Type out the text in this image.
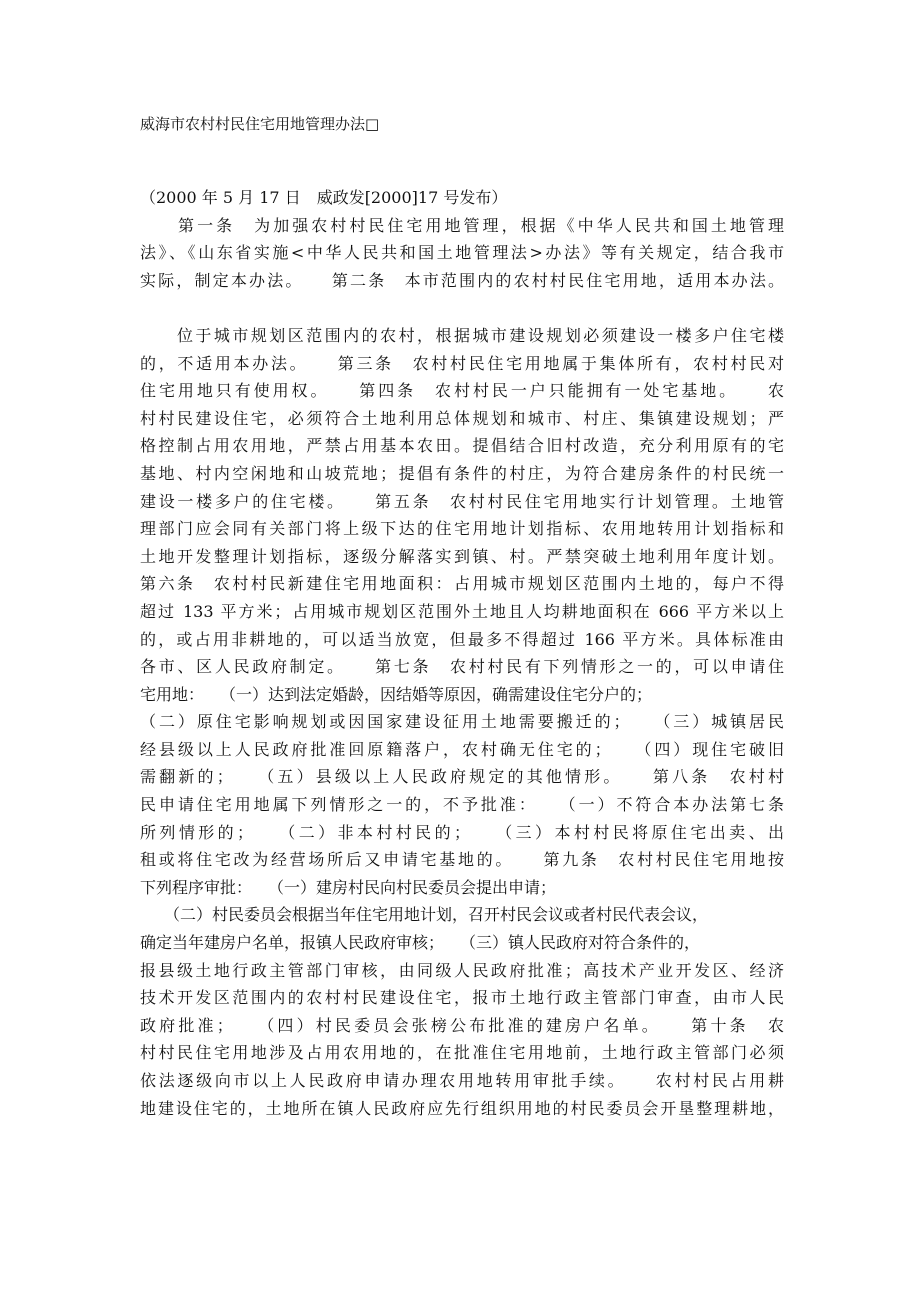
威海市农村村民住宅用地管理办法□
（2000 年 5 月 17 日　威政发[2000]17 号发布）
　　第一条　为加强农村村民住宅用地管理，根据《中华人民共和国土地管理
法》、《山东省实施<中华人民共和国土地管理法>办法》等有关规定，结合我市
实际，制定本办法。　　第二条　本市范围内的农村村民住宅用地，适用本办法。
　　位于城市规划区范围内的农村，根据城市建设规划必须建设一楼多户住宅楼
的，不适用本办法。　　第三条　农村村民住宅用地属于集体所有，农村村民对
住宅用地只有使用权。　　第四条　农村村民一户只能拥有一处宅基地。　　农
村村民建设住宅，必须符合土地利用总体规划和城市、村庄、集镇建设规划；严
格控制占用农用地，严禁占用基本农田。提倡结合旧村改造，充分利用原有的宅
基地、村内空闲地和山坡荒地；提倡有条件的村庄，为符合建房条件的村民统一
建设一楼多户的住宅楼。　　第五条　农村村民住宅用地实行计划管理。土地管
理部门应会同有关部门将上级下达的住宅用地计划指标、农用地转用计划指标和
土地开发整理计划指标，逐级分解落实到镇、村。严禁突破土地利用年度计划。
第六条　农村村民新建住宅用地面积：占用城市规划区范围内土地的，每户不得
超过 133 平方米；占用城市规划区范围外土地且人均耕地面积在 666 平方米以上
的，或占用非耕地的，可以适当放宽，但最多不得超过 166 平方米。具体标准由
各市、区人民政府制定。　　第七条　农村村民有下列情形之一的，可以申请住
宅用地：　　（一）达到法定婚龄，因结婚等原因，确需建设住宅分户的；
（二）原住宅影响规划或因国家建设征用土地需要搬迁的；　　（三）城镇居民
经县级以上人民政府批准回原籍落户，农村确无住宅的；　　（四）现住宅破旧
需翻新的；　　（五）县级以上人民政府规定的其他情形。　　第八条　农村村
民申请住宅用地属下列情形之一的，不予批准：　　（一）不符合本办法第七条
所列情形的；　　（二）非本村村民的；　　（三）本村村民将原住宅出卖、出
租或将住宅改为经营场所后又申请宅基地的。　　第九条　农村村民住宅用地按
下列程序审批：　　（一）建房村民向村民委员会提出申请；
　　（二）村民委员会根据当年住宅用地计划，召开村民会议或者村民代表会议，
确定当年建房户名单，报镇人民政府审核；　　（三）镇人民政府对符合条件的，
报县级土地行政主管部门审核，由同级人民政府批准；高技术产业开发区、经济
技术开发区范围内的农村村民建设住宅，报市土地行政主管部门审查，由市人民
政府批准；　　（四）村民委员会张榜公布批准的建房户名单。　　第十条　农
村村民住宅用地涉及占用农用地的，在批准住宅用地前，土地行政主管部门必须
依法逐级向市以上人民政府申请办理农用地转用审批手续。　　农村村民占用耕
地建设住宅的，土地所在镇人民政府应先行组织用地的村民委员会开垦整理耕地，
